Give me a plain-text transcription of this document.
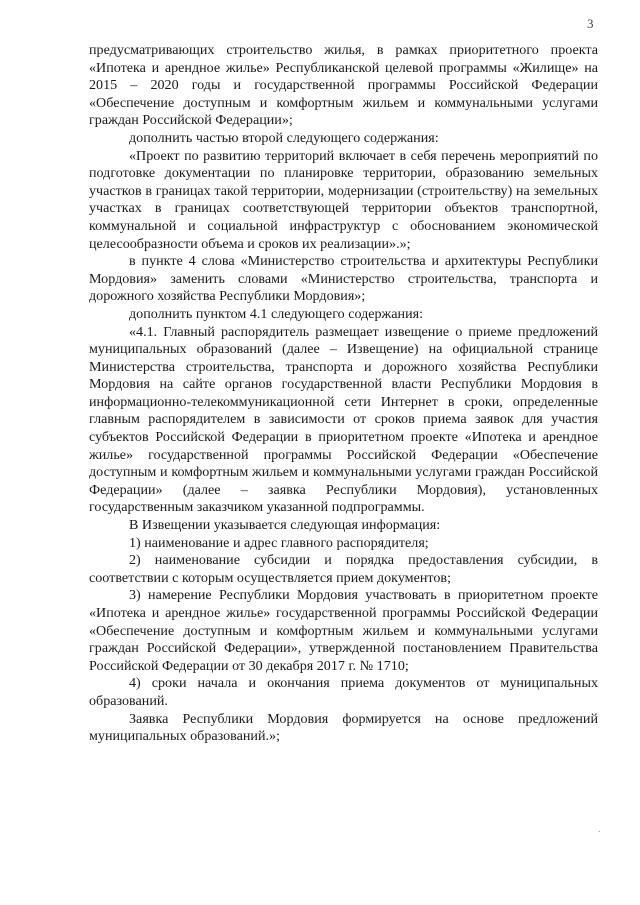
3

предусматривающих строительство жилья, в рамках приоритетного проекта «Ипотека и арендное жилье» Республиканской целевой программы «Жилище» на 2015 – 2020 годы и государственной программы Российской Федерации «Обеспечение доступным и комфортным жильем и коммунальными услугами граждан Российской Федерации»;

дополнить частью второй следующего содержания:

«Проект по развитию территорий включает в себя перечень мероприятий по подготовке документации по планировке территории, образованию земельных участков в границах такой территории, модернизации (строительству) на земельных участках в границах соответствующей территории объектов транспортной, коммунальной и социальной инфраструктур с обоснованием экономической целесообразности объема и сроков их реализации».»;

в пункте 4 слова «Министерство строительства и архитектуры Республики Мордовия» заменить словами «Министерство строительства, транспорта и дорожного хозяйства Республики Мордовия»;

дополнить пунктом 4.1 следующего содержания:

«4.1. Главный распорядитель размещает извещение о приеме предложений муниципальных образований (далее – Извещение) на официальной странице Министерства строительства, транспорта и дорожного хозяйства Республики Мордовия на сайте органов государственной власти Республики Мордовия в информационно-телекоммуникационной сети Интернет в сроки, определенные главным распорядителем в зависимости от сроков приема заявок для участия субъектов Российской Федерации в приоритетном проекте «Ипотека и арендное жилье» государственной программы Российской Федерации «Обеспечение доступным и комфортным жильем и коммунальными услугами граждан Российской Федерации» (далее – заявка Республики Мордовия), установленных государственным заказчиком указанной подпрограммы.

В Извещении указывается следующая информация:

1) наименование и адрес главного распорядителя;

2) наименование субсидии и порядка предоставления субсидии, в соответствии с которым осуществляется прием документов;

3) намерение Республики Мордовия участвовать в приоритетном проекте «Ипотека и арендное жилье» государственной программы Российской Федерации «Обеспечение доступным и комфортным жильем и коммунальными услугами граждан Российской Федерации», утвержденной постановлением Правительства Российской Федерации от 30 декабря 2017 г. № 1710;

4) сроки начала и окончания приема документов от муниципальных образований.

Заявка Республики Мордовия формируется на основе предложений муниципальных образований.»;

.
